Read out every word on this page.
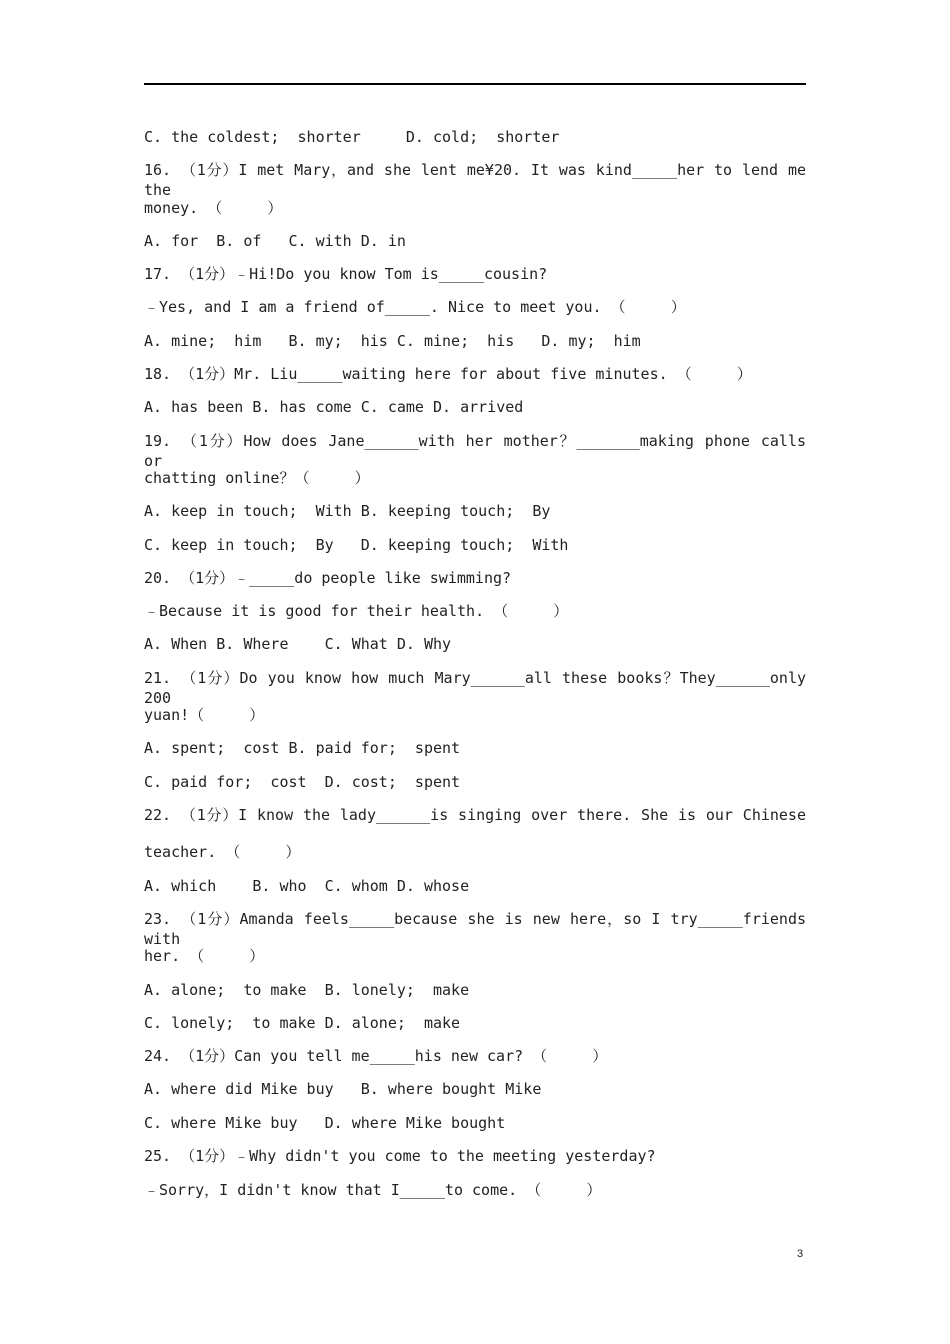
C. the coldest;  shorter     D. cold;  shorter
16. （1分）I met Mary，and she lent me¥20. It was kind_____her to lend me the
money. （     ）
A. for  B. of   C. with D. in
17. （1分）﹣Hi!Do you know Tom is_____cousin?
﹣Yes, and I am a friend of_____. Nice to meet you. （     ）
A. mine;  him   B. my;  his C. mine;  his   D. my;  him
18. （1分）Mr. Liu_____waiting here for about five minutes. （     ）
A. has been B. has come C. came D. arrived
19. （1分）How does Jane______with her mother？_______making phone calls or
chatting online？（     ）
A. keep in touch;  With B. keeping touch;  By
C. keep in touch;  By   D. keeping touch;  With
20. （1分）﹣_____do people like swimming?
﹣Because it is good for their health. （     ）
A. When B. Where    C. What D. Why
21. （1分）Do you know how much Mary______all these books？They______only 200
yuan!（     ）
A. spent;  cost B. paid for;  spent
C. paid for;  cost  D. cost;  spent
22. （1分）I know the lady______is singing over there. She is our Chinese
teacher. （     ）
A. which    B. who  C. whom D. whose
23. （1分）Amanda feels_____because she is new here，so I try_____friends with
her. （     ）
A. alone;  to make  B. lonely;  make
C. lonely;  to make D. alone;  make
24. （1分）Can you tell me_____his new car? （     ）
A. where did Mike buy   B. where bought Mike
C. where Mike buy   D. where Mike bought
25. （1分）﹣Why didn't you come to the meeting yesterday?
﹣Sorry，I didn't know that I_____to come. （     ）
3
